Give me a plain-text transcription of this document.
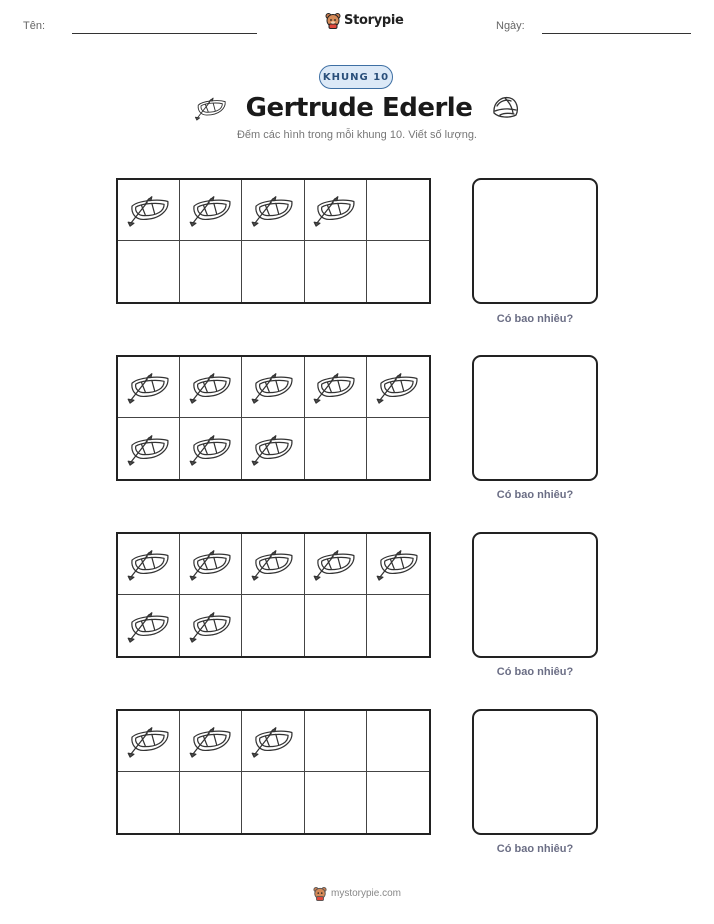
Tên:	Storypie	Ngày:
KHUNG 10
Gertrude Ederle
Đếm các hình trong mỗi khung 10. Viết số lượng.
Có bao nhiêu?
Có bao nhiêu?
Có bao nhiêu?
Có bao nhiêu?
mystorypie.com
